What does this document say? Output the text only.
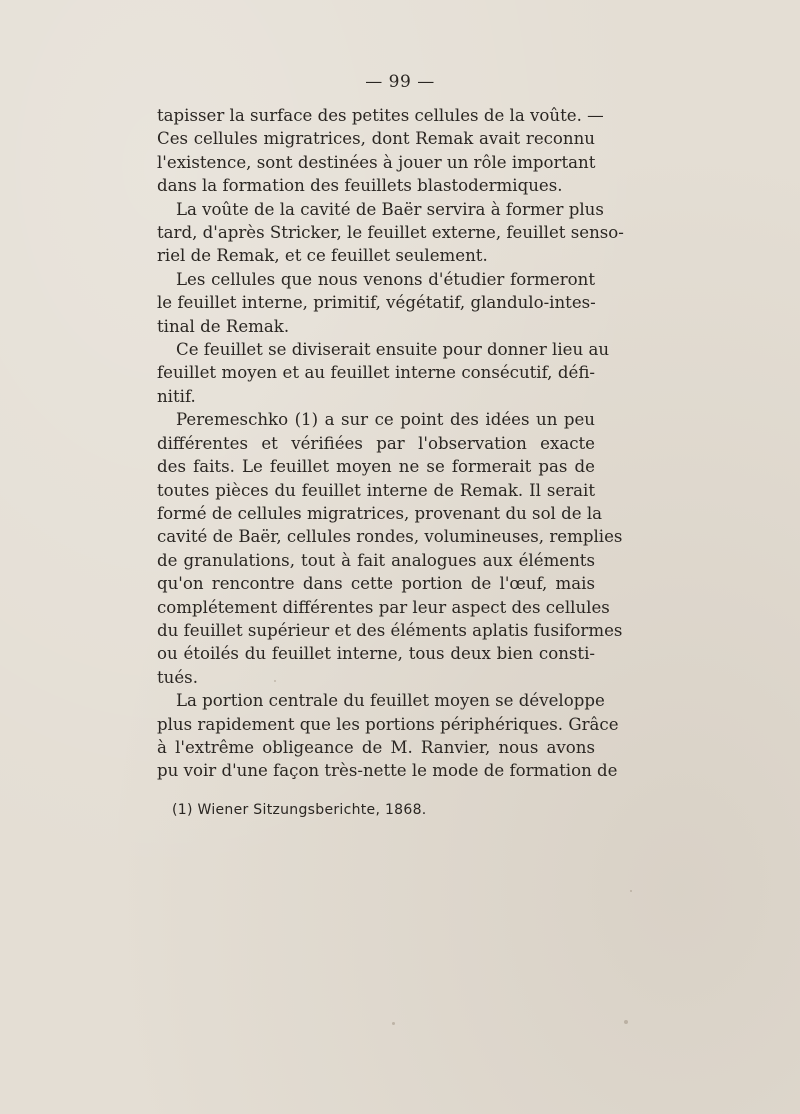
— 99 —

tapisser la surface des petites cellules de la voûte. —

Ces cellules migratrices, dont Remak avait reconnu

l'existence, sont destinées à jouer un rôle important

dans la formation des feuillets blastodermiques.

La voûte de la cavité de Baër servira à former plus

tard, d'après Stricker, le feuillet externe, feuillet senso-

riel de Remak, et ce feuillet seulement.

Les cellules que nous venons d'étudier formeront

le feuillet interne, primitif, végétatif, glandulo-intes-

tinal de Remak.

Ce feuillet se diviserait ensuite pour donner lieu au

feuillet moyen et au feuillet interne consécutif, défi-

nitif.

Peremeschko (1) a sur ce point des idées un peu

différentes et vérifiées par l'observation exacte

des faits. Le feuillet moyen ne se formerait pas de

toutes pièces du feuillet interne de Remak. Il serait

formé de cellules migratrices, provenant du sol de la

cavité de Baër, cellules rondes, volumineuses, remplies

de granulations, tout à fait analogues aux éléments

qu'on rencontre dans cette portion de l'œuf, mais

complétement différentes par leur aspect des cellules

du feuillet supérieur et des éléments aplatis fusiformes

ou étoilés du feuillet interne, tous deux bien consti-

tués.

La portion centrale du feuillet moyen se développe

plus rapidement que les portions périphériques. Grâce

à l'extrême obligeance de M. Ranvier, nous avons

pu voir d'une façon très-nette le mode de formation de

(1) Wiener Sitzungsberichte, 1868.
